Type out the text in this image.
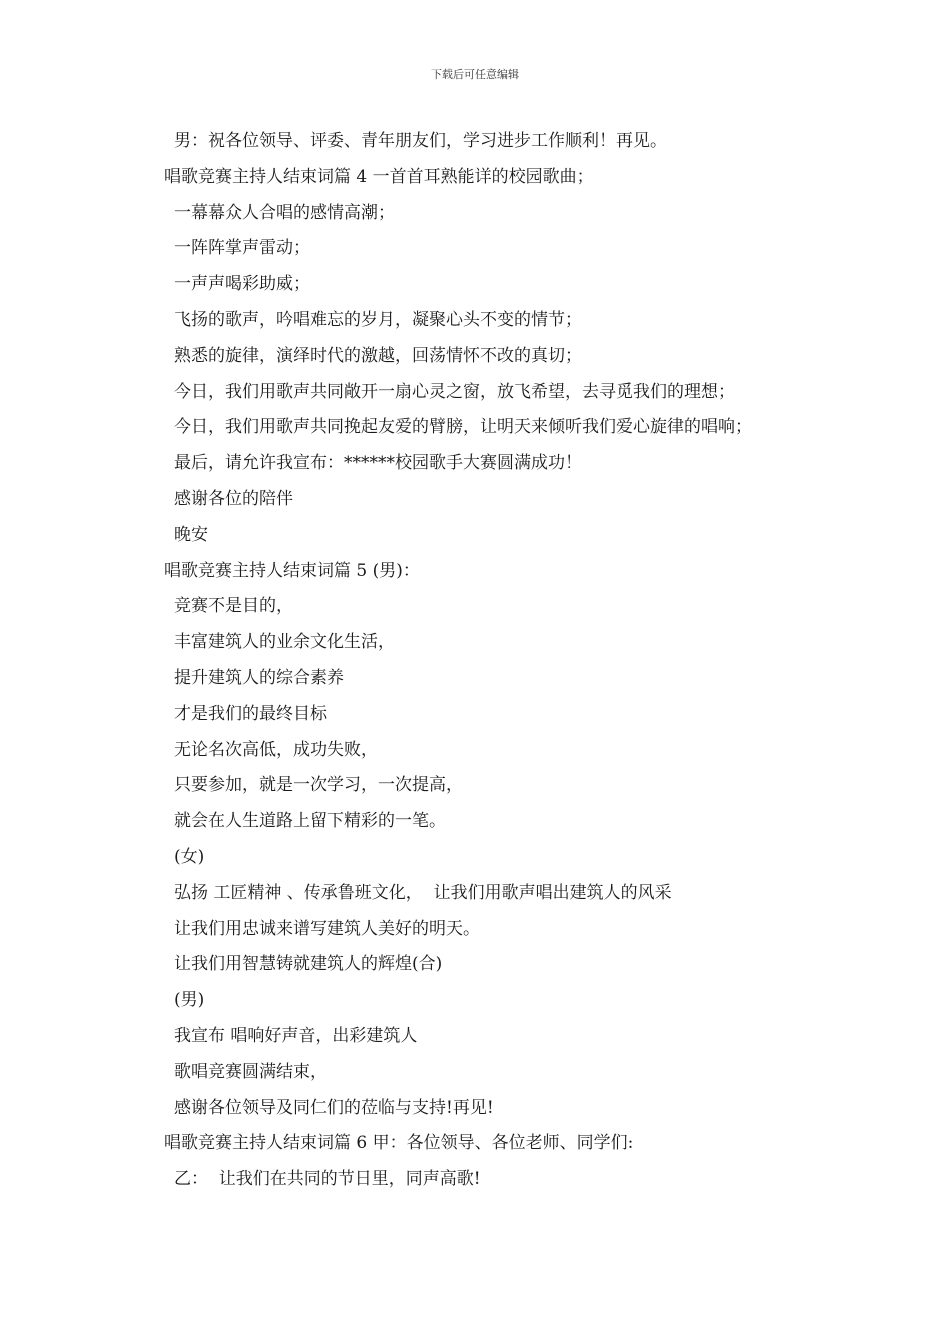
下载后可任意编辑
男：祝各位领导、评委、青年朋友们，学习进步工作顺利！再见。
唱歌竞赛主持人结束词篇 4 一首首耳熟能详的校园歌曲；
一幕幕众人合唱的感情高潮；
一阵阵掌声雷动；
一声声喝彩助威；
飞扬的歌声，吟唱难忘的岁月，凝聚心头不变的情节；
熟悉的旋律，演绎时代的激越，回荡情怀不改的真切；
今日，我们用歌声共同敞开一扇心灵之窗，放飞希望，去寻觅我们的理想；
今日，我们用歌声共同挽起友爱的臂膀，让明天来倾听我们爱心旋律的唱响；
最后，请允许我宣布：******校园歌手大赛圆满成功！
感谢各位的陪伴
晚安
唱歌竞赛主持人结束词篇 5 (男)：
竞赛不是目的，
丰富建筑人的业余文化生活，
提升建筑人的综合素养
才是我们的最终目标
无论名次高低，成功失败，
只要参加，就是一次学习，一次提高，
就会在人生道路上留下精彩的一笔。
(女)
弘扬 工匠精神 、传承鲁班文化，  让我们用歌声唱出建筑人的风采
让我们用忠诚来谱写建筑人美好的明天。
让我们用智慧铸就建筑人的辉煌(合)
(男)
我宣布 唱响好声音，出彩建筑人
歌唱竞赛圆满结束，
感谢各位领导及同仁们的莅临与支持!再见!
唱歌竞赛主持人结束词篇 6 甲：各位领导、各位老师、同学们:
乙：  让我们在共同的节日里，同声高歌!
